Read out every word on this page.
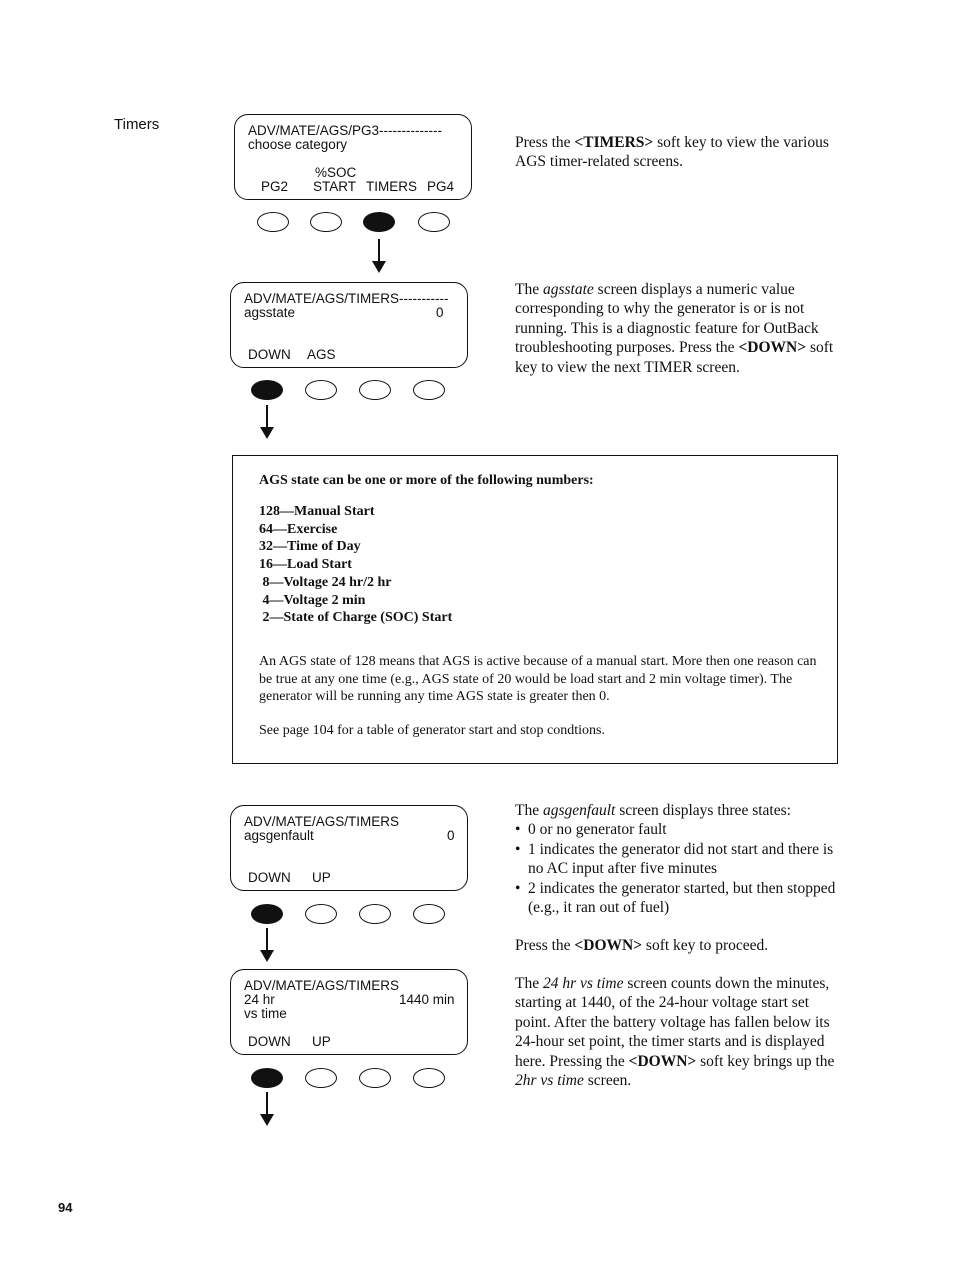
Timers	ADV/MATE/AGS/PG3--------------
choose category
%SOC
PG2 START TIMERS PG4

Press the <TIMERS> soft key to view the various AGS timer-related screens.

ADV/MATE/AGS/TIMERS-----------
agsstate	0
DOWN AGS

The agsstate screen displays a numeric value corresponding to why the generator is or is not running. This is a diagnostic feature for OutBack troubleshooting purposes. Press the <DOWN> soft key to view the next TIMER screen.

AGS state can be one or more of the following numbers:
128—Manual Start
64—Exercise
32—Time of Day
16—Load Start
8—Voltage 24 hr/2 hr
4—Voltage 2 min
2—State of Charge (SOC) Start
An AGS state of 128 means that AGS is active because of a manual start. More then one reason can be true at any one time (e.g., AGS state of 20 would be load start and 2 min voltage timer). The generator will be running any time AGS state is greater then 0.
See page 104 for a table of generator start and stop condtions.
ADV/MATE/AGS/TIMERS
agsgenfault	0
DOWN UP

The agsgenfault screen displays three states:

• 0 or no generator fault
• 1 indicates the generator did not start and there is no AC input after five minutes
• 2 indicates the generator started, but then stopped (e.g., it ran out of fuel)

Press the <DOWN> soft key to proceed.

ADV/MATE/AGS/TIMERS
24 hr	1440 min
vs time
DOWN UP

The 24 hr vs time screen counts down the minutes, starting at 1440, of the 24-hour voltage start set point. After the battery voltage has fallen below its 24-hour set point, the timer starts and is displayed here. Pressing the <DOWN> soft key brings up the 2hr vs time screen.

94
